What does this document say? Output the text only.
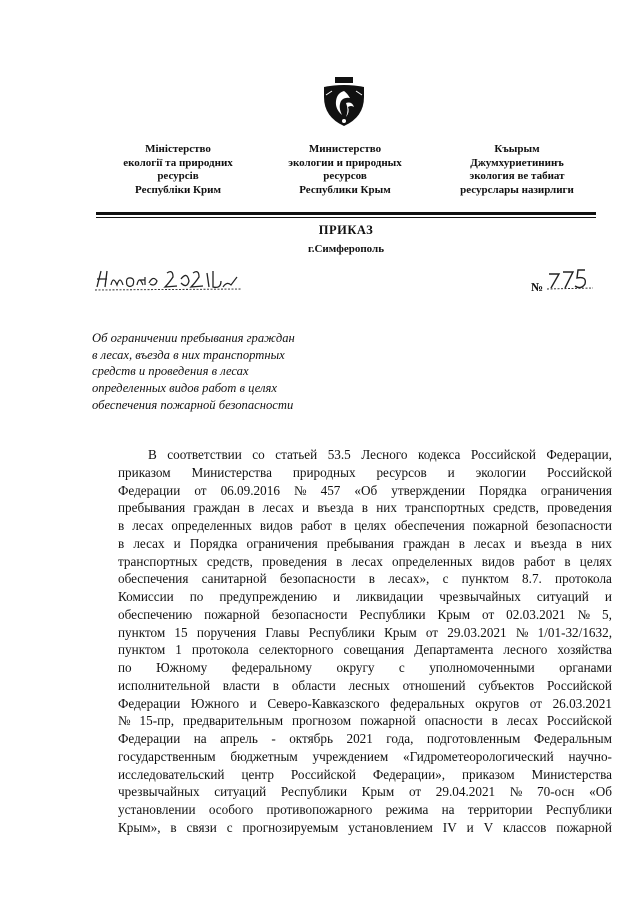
Міністерство
екології та природних
ресурсів
Республіки Крим
Министерство
экологии и природных
ресурсов
Республики Крым
Къырым
Джумхуриетининъ
экология ве табиат
ресурслары назирлиги
ПРИКАЗ
г.Симферополь
№
Об ограничении пребывания граждан
в лесах, въезда в них транспортных
средств и проведения в лесах
определенных видов работ в целях
обеспечения пожарной безопасности
В соответствии со статьей 53.5 Лесного кодекса Российской Федерации,
приказом Министерства природных ресурсов и экологии Российской
Федерации от 06.09.2016 № 457 «Об утверждении Порядка ограничения
пребывания граждан в лесах и въезда в них транспортных средств, проведения
в лесах определенных видов работ в целях обеспечения пожарной безопасности
в лесах и Порядка ограничения пребывания граждан в лесах и въезда в них
транспортных средств, проведения в лесах определенных видов работ в целях
обеспечения санитарной безопасности в лесах», с пунктом 8.7. протокола
Комиссии по предупреждению и ликвидации чрезвычайных ситуаций и
обеспечению пожарной безопасности Республики Крым от 02.03.2021 № 5,
пунктом 15 поручения Главы Республики Крым от 29.03.2021 № 1/01-32/1632,
пунктом 1 протокола селекторного совещания Департамента лесного хозяйства
по Южному федеральному округу с уполномоченными органами
исполнительной власти в области лесных отношений субъектов Российской
Федерации Южного и Северо-Кавказского федеральных округов от 26.03.2021
№ 15-пр, предварительным прогнозом пожарной опасности в лесах Российской
Федерации на апрель - октябрь 2021 года, подготовленным Федеральным
государственным бюджетным учреждением «Гидрометеорологический научно-
исследовательский центр Российской Федерации», приказом Министерства
чрезвычайных ситуаций Республики Крым от 29.04.2021 № 70-осн «Об
установлении особого противопожарного режима на территории Республики
Крым», в связи с прогнозируемым установлением IV и V классов пожарной
